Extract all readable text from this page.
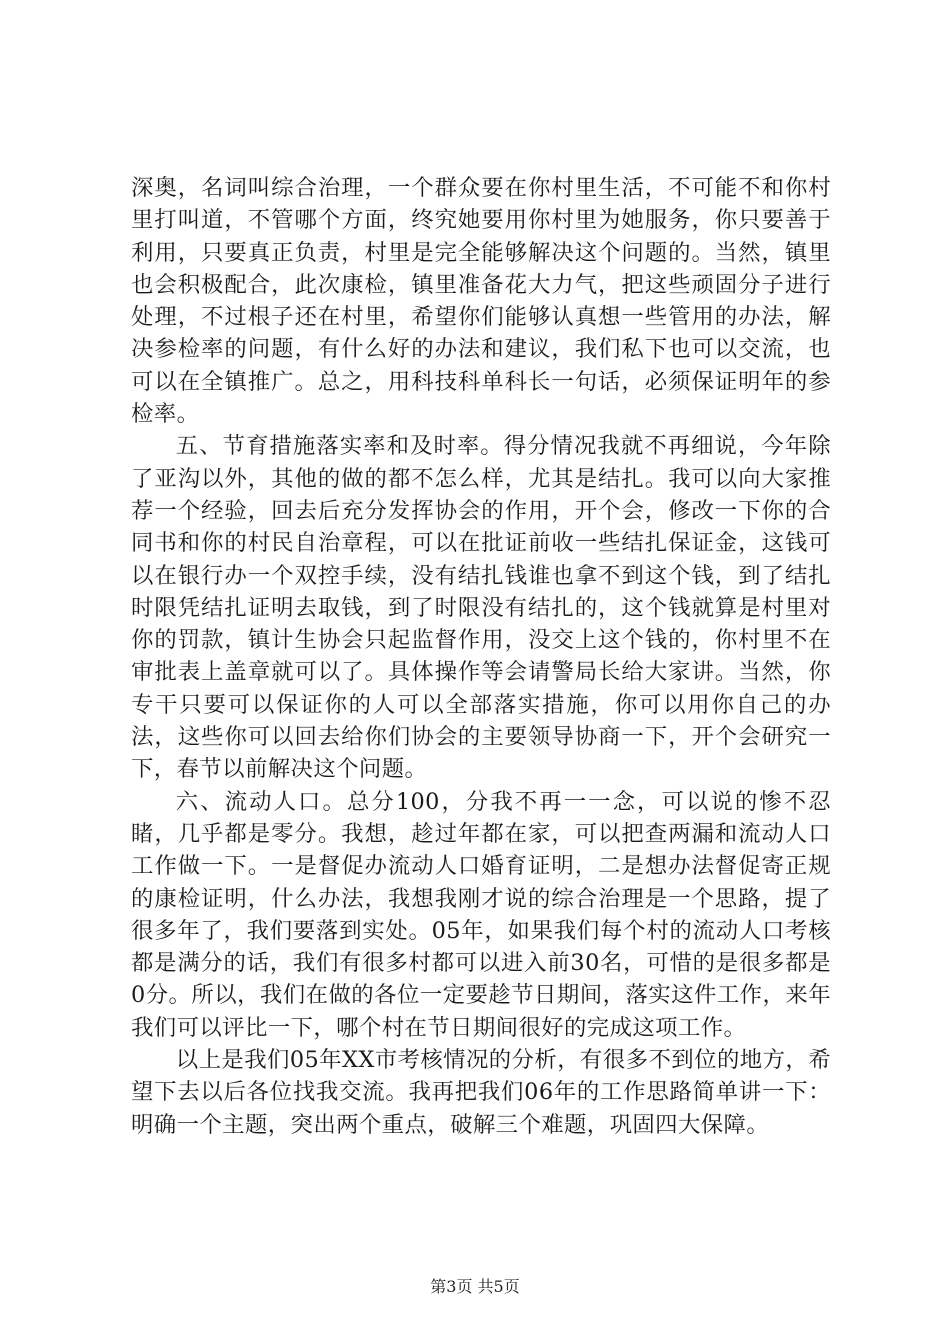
深奥，名词叫综合治理，一个群众要在你村里生活，不可能不和你村里打叫道，不管哪个方面，终究她要用你村里为她服务，你只要善于利用，只要真正负责，村里是完全能够解决这个问题的。当然，镇里也会积极配合，此次康检，镇里准备花大力气，把这些顽固分子进行处理，不过根子还在村里，希望你们能够认真想一些管用的办法，解决参检率的问题，有什么好的办法和建议，我们私下也可以交流，也可以在全镇推广。总之，用科技科单科长一句话，必须保证明年的参检率。

五、节育措施落实率和及时率。得分情况我就不再细说，今年除了亚沟以外，其他的做的都不怎么样，尤其是结扎。我可以向大家推荐一个经验，回去后充分发挥协会的作用，开个会，修改一下你的合同书和你的村民自治章程，可以在批证前收一些结扎保证金，这钱可以在银行办一个双控手续，没有结扎钱谁也拿不到这个钱，到了结扎时限凭结扎证明去取钱，到了时限没有结扎的，这个钱就算是村里对你的罚款，镇计生协会只起监督作用，没交上这个钱的，你村里不在审批表上盖章就可以了。具体操作等会请警局长给大家讲。当然，你专干只要可以保证你的人可以全部落实措施，你可以用你自己的办法，这些你可以回去给你们协会的主要领导协商一下，开个会研究一下，春节以前解决这个问题。

六、流动人口。总分100，分我不再一一念，可以说的惨不忍睹，几乎都是零分。我想，趁过年都在家，可以把查两漏和流动人口工作做一下。一是督促办流动人口婚育证明，二是想办法督促寄正规的康检证明，什么办法，我想我刚才说的综合治理是一个思路，提了很多年了，我们要落到实处。05年，如果我们每个村的流动人口考核都是满分的话，我们有很多村都可以进入前30名，可惜的是很多都是0分。所以，我们在做的各位一定要趁节日期间，落实这件工作，来年我们可以评比一下，哪个村在节日期间很好的完成这项工作。

以上是我们05年XX市考核情况的分析，有很多不到位的地方，希望下去以后各位找我交流。我再把我们06年的工作思路简单讲一下：明确一个主题，突出两个重点，破解三个难题，巩固四大保障。

第3页 共5页
